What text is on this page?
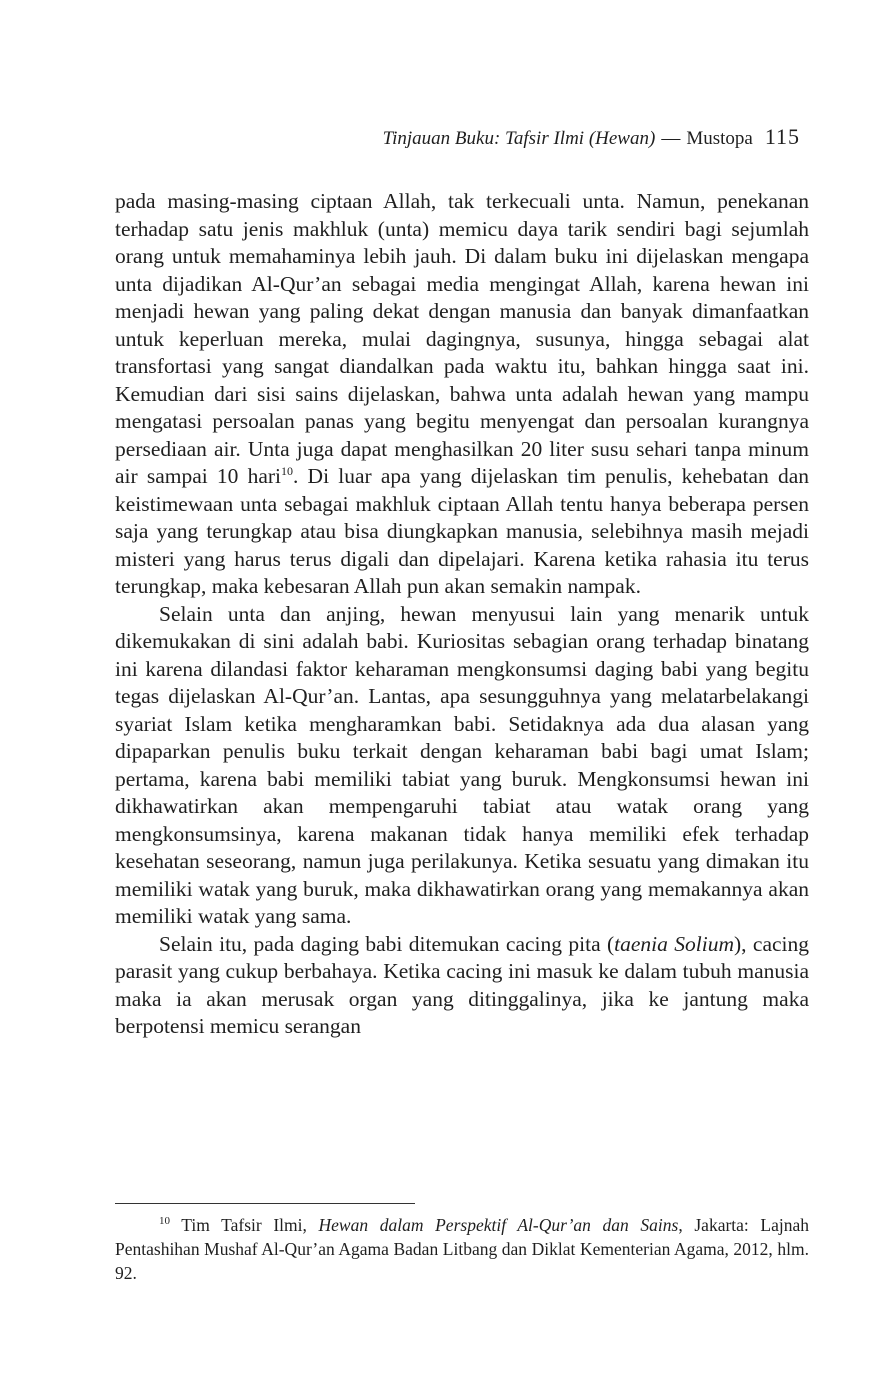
Tinjauan Buku: Tafsir Ilmi (Hewan) — Mustopa 115

pada masing-masing ciptaan Allah, tak terkecuali unta. Namun, penekanan terhadap satu jenis makhluk (unta) memicu daya tarik sendiri bagi sejumlah orang untuk memahaminya lebih jauh. Di dalam buku ini dijelaskan mengapa unta dijadikan Al-Qur’an sebagai media mengingat Allah, karena hewan ini menjadi hewan yang paling dekat dengan manusia dan banyak dimanfaatkan untuk keperluan mereka, mulai dagingnya, susunya, hingga sebagai alat transfortasi yang sangat diandalkan pada waktu itu, bahkan hingga saat ini. Kemudian dari sisi sains dijelaskan, bahwa unta adalah hewan yang mampu mengatasi persoalan panas yang begitu menyengat dan persoalan kurangnya persediaan air. Unta juga dapat menghasilkan 20 liter susu sehari tanpa minum air sampai 10 hari$^{10}$. Di luar apa yang dijelaskan tim penulis, kehebatan dan keistimewaan unta sebagai makhluk ciptaan Allah tentu hanya beberapa persen saja yang terungkap atau bisa diungkapkan manusia, selebihnya masih mejadi misteri yang harus terus digali dan dipelajari. Karena ketika rahasia itu terus terungkap, maka kebesaran Allah pun akan semakin nampak.

Selain unta dan anjing, hewan menyusui lain yang menarik untuk dikemukakan di sini adalah babi. Kuriositas sebagian orang terhadap binatang ini karena dilandasi faktor keharaman mengkonsumsi daging babi yang begitu tegas dijelaskan Al-Qur’an. Lantas, apa sesungguhnya yang melatarbelakangi syariat Islam ketika mengharamkan babi. Setidaknya ada dua alasan yang dipaparkan penulis buku terkait dengan keharaman babi bagi umat Islam; pertama, karena babi memiliki tabiat yang buruk. Mengkonsumsi hewan ini dikhawatirkan akan mempengaruhi tabiat atau watak orang yang mengkonsumsinya, karena makanan tidak hanya memiliki efek terhadap kesehatan seseorang, namun juga perilakunya. Ketika sesuatu yang dimakan itu memiliki watak yang buruk, maka dikhawatirkan orang yang memakannya akan memiliki watak yang sama.

Selain itu, pada daging babi ditemukan cacing pita (taenia Solium), cacing parasit yang cukup berbahaya. Ketika cacing ini masuk ke dalam tubuh manusia maka ia akan merusak organ yang ditinggalinya, jika ke jantung maka berpotensi memicu serangan

$^{10}$ Tim Tafsir Ilmi, Hewan dalam Perspektif Al-Qur’an dan Sains, Jakarta: Lajnah Pentashihan Mushaf Al-Qur’an Agama Badan Litbang dan Diklat Kementerian Agama, 2012, hlm. 92.
